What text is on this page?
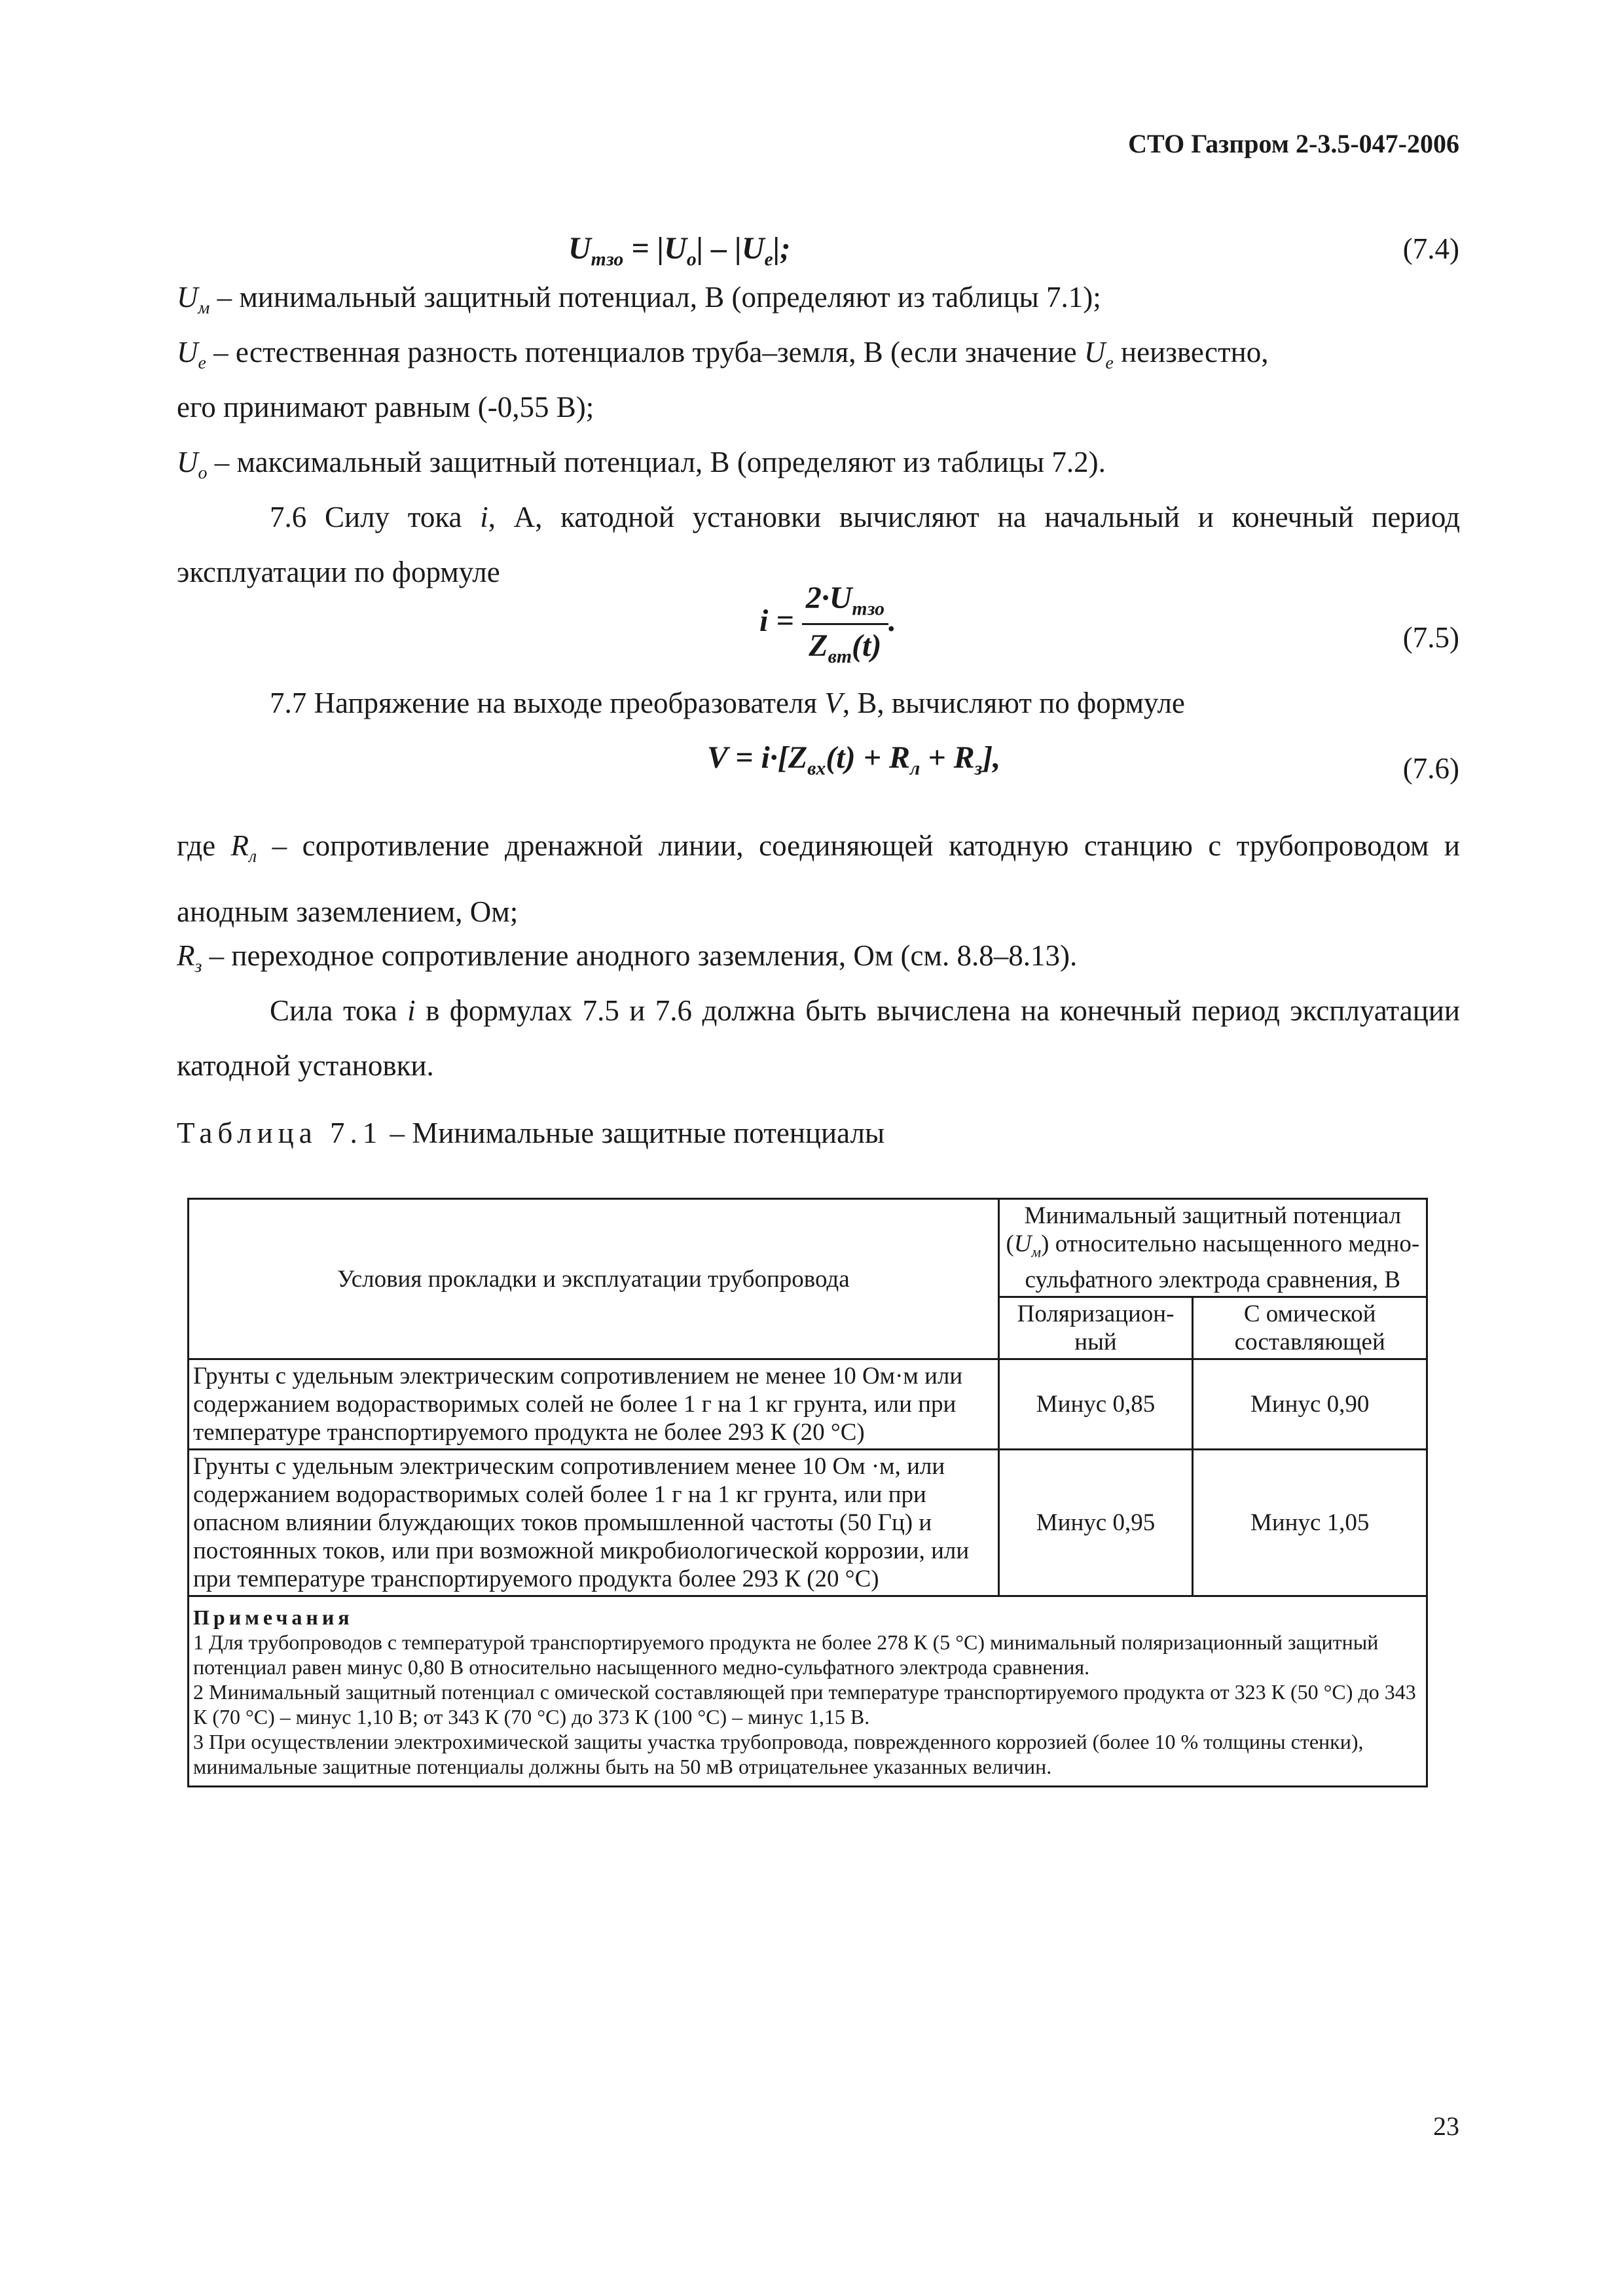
СТО Газпром 2-3.5-047-2006
$U_{тзо} = |U_о| - |U_е|$;	(7.4)
$U_м$ – минимальный защитный потенциал, В (определяют из таблицы 7.1);
$U_е$ – естественная разность потенциалов труба–земля, В (если значение $U_е$ неизвестно,
его принимают равным (-0,55 В);
$U_о$ – максимальный защитный потенциал, В (определяют из таблицы 7.2).
7.6 Силу тока i, А, катодной установки вычисляют на начальный и конечный период эксплуатации по формуле
$i = \frac{2\cdot U_{тзо}}{Z_{вт}(t)}$ .	(7.5)
7.7 Напряжение на выходе преобразователя V, В, вычисляют по формуле
$V = i\cdot[Z_{вх}(t) + R_л + R_з]$,	(7.6)
где $R_л$ – сопротивление дренажной линии, соединяющей катодную станцию с трубопроводом и анодным заземлением, Ом;
$R_з$ – переходное сопротивление анодного заземления, Ом (см. 8.8–8.13).
Сила тока i в формулах 7.5 и 7.6 должна быть вычислена на конечный период эксплуатации катодной установки.
Таблица 7.1 – Минимальные защитные потенциалы
Условия прокладки и эксплуатации трубопровода	Минимальный защитный потенциал $(U_м)$ относительно насыщенного медно-сульфатного электрода сравнения, В	
	Поляризацион-ный	С омической составляющей
Грунты с удельным электрическим сопротивлением не менее 10 Ом·м или содержанием водорастворимых солей не более 1 г на 1 кг грунта, или при температуре транспортируемого продукта не более 293 К (20 °С)	Минус 0,85	Минус 0,90
Грунты с удельным электрическим сопротивлением менее 10 Ом ·м, или содержанием водорастворимых солей более 1 г на 1 кг грунта, или при опасном влиянии блуждающих токов промышленной частоты (50 Гц) и постоянных токов, или при возможной микробиологической коррозии, или при температуре транспортируемого продукта более 293 К (20 °С)	Минус 0,95	Минус 1,05

Примечания
1 Для трубопроводов с температурой транспортируемого продукта не более 278 К (5 °С) минимальный поляризационный защитный потенциал равен минус 0,80 В относительно насыщенного медно-сульфатного электрода сравнения.
2 Минимальный защитный потенциал с омической составляющей при температуре транспортируемого продукта от 323 К (50 °С) до 343 К (70 °С) – минус 1,10 В; от 343 К (70 °С) до 373 К (100 °С) – минус 1,15 В.
3 При осуществлении электрохимической защиты участка трубопровода, поврежденного коррозией (более 10 % толщины стенки), минимальные защитные потенциалы должны быть на 50 мВ отрицательнее указанных величин.		
23
